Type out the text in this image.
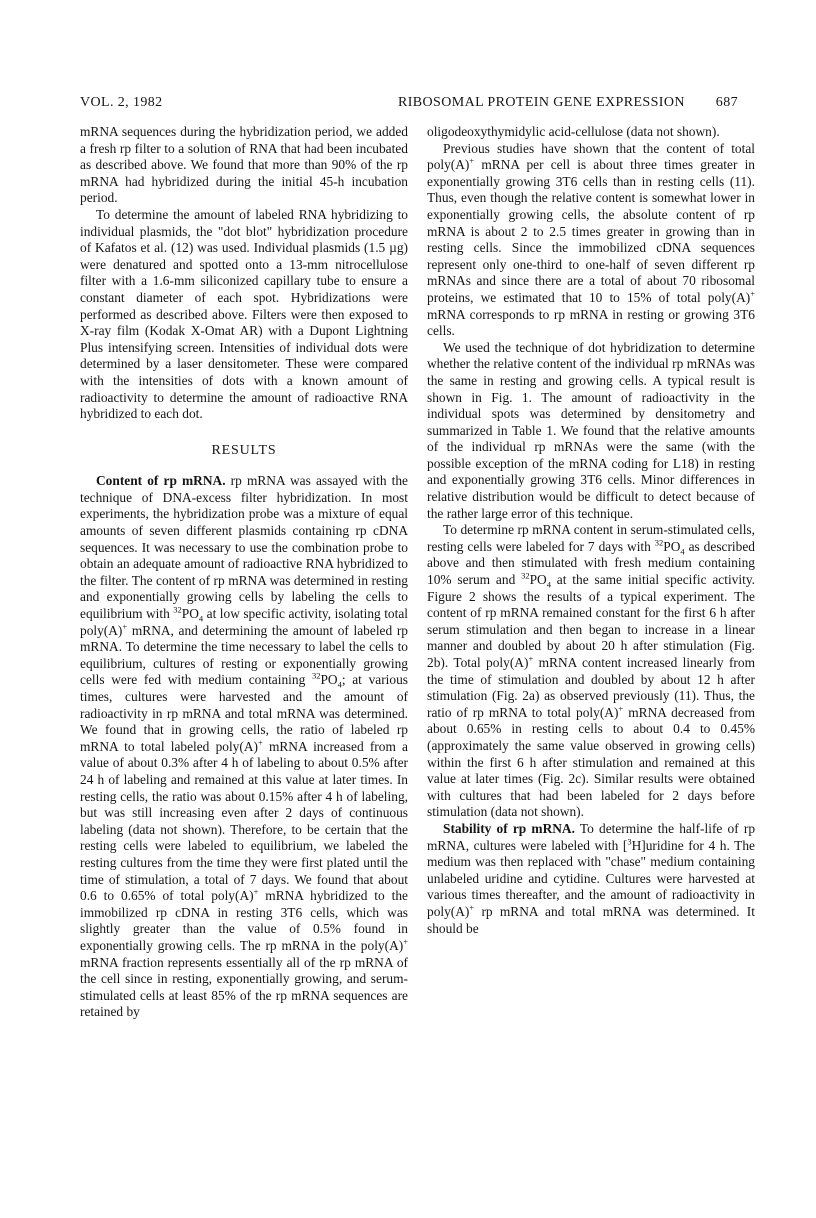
VOL. 2, 1982	RIBOSOMAL PROTEIN GENE EXPRESSION 687

mRNA sequences during the hybridization period, we added a fresh rp filter to a solution of RNA that had been incubated as described above. We found that more than 90% of the rp mRNA had hybridized during the initial 45-h incubation period.

To determine the amount of labeled RNA hybridizing to individual plasmids, the "dot blot" hybridization procedure of Kafatos et al. (12) was used. Individual plasmids (1.5 µg) were denatured and spotted onto a 13-mm nitrocellulose filter with a 1.6-mm siliconized capillary tube to ensure a constant diameter of each spot. Hybridizations were performed as described above. Filters were then exposed to X-ray film (Kodak X-Omat AR) with a Dupont Lightning Plus intensifying screen. Intensities of individual dots were determined by a laser densitometer. These were compared with the intensities of dots with a known amount of radioactivity to determine the amount of radioactive RNA hybridized to each dot.

RESULTS

Content of rp mRNA. rp mRNA was assayed with the technique of DNA-excess filter hybridization. In most experiments, the hybridization probe was a mixture of equal amounts of seven different plasmids containing rp cDNA sequences. It was necessary to use the combination probe to obtain an adequate amount of radioactive RNA hybridized to the filter. The content of rp mRNA was determined in resting and exponentially growing cells by labeling the cells to equilibrium with $^{32}PO_4$ at low specific activity, isolating total poly(A)+ mRNA, and determining the amount of labeled rp mRNA. To determine the time necessary to label the cells to equilibrium, cultures of resting or exponentially growing cells were fed with medium containing $^{32}PO_4$; at various times, cultures were harvested and the amount of radioactivity in rp mRNA and total mRNA was determined. We found that in growing cells, the ratio of labeled rp mRNA to total labeled poly(A)+ mRNA increased from a value of about 0.3% after 4 h of labeling to about 0.5% after 24 h of labeling and remained at this value at later times. In resting cells, the ratio was about 0.15% after 4 h of labeling, but was still increasing even after 2 days of continuous labeling (data not shown). Therefore, to be certain that the resting cells were labeled to equilibrium, we labeled the resting cultures from the time they were first plated until the time of stimulation, a total of 7 days. We found that about 0.6 to 0.65% of total poly(A)+ mRNA hybridized to the immobilized rp cDNA in resting 3T6 cells, which was slightly greater than the value of 0.5% found in exponentially growing cells. The rp mRNA in the poly(A)+ mRNA fraction represents essentially all of the rp mRNA of the cell since in resting, exponentially growing, and serum-stimulated cells at least 85% of the rp mRNA sequences are retained by

oligodeoxythymidylic acid-cellulose (data not shown).

Previous studies have shown that the content of total poly(A)+ mRNA per cell is about three times greater in exponentially growing 3T6 cells than in resting cells (11). Thus, even though the relative content is somewhat lower in exponentially growing cells, the absolute content of rp mRNA is about 2 to 2.5 times greater in growing than in resting cells. Since the immobilized cDNA sequences represent only one-third to one-half of seven different rp mRNAs and since there are a total of about 70 ribosomal proteins, we estimated that 10 to 15% of total poly(A)+ mRNA corresponds to rp mRNA in resting or growing 3T6 cells.

We used the technique of dot hybridization to determine whether the relative content of the individual rp mRNAs was the same in resting and growing cells. A typical result is shown in Fig. 1. The amount of radioactivity in the individual spots was determined by densitometry and summarized in Table 1. We found that the relative amounts of the individual rp mRNAs were the same (with the possible exception of the mRNA coding for L18) in resting and exponentially growing 3T6 cells. Minor differences in relative distribution would be difficult to detect because of the rather large error of this technique.

To determine rp mRNA content in serum-stimulated cells, resting cells were labeled for 7 days with $^{32}PO_4$ as described above and then stimulated with fresh medium containing 10% serum and $^{32}PO_4$ at the same initial specific activity. Figure 2 shows the results of a typical experiment. The content of rp mRNA remained constant for the first 6 h after serum stimulation and then began to increase in a linear manner and doubled by about 20 h after stimulation (Fig. 2b). Total poly(A)+ mRNA content increased linearly from the time of stimulation and doubled by about 12 h after stimulation (Fig. 2a) as observed previously (11). Thus, the ratio of rp mRNA to total poly(A)+ mRNA decreased from about 0.65% in resting cells to about 0.4 to 0.45% (approximately the same value observed in growing cells) within the first 6 h after stimulation and remained at this value at later times (Fig. 2c). Similar results were obtained with cultures that had been labeled for 2 days before stimulation (data not shown).

Stability of rp mRNA. To determine the half-life of rp mRNA, cultures were labeled with [$^3$H]uridine for 4 h. The medium was then replaced with "chase" medium containing unlabeled uridine and cytidine. Cultures were harvested at various times thereafter, and the amount of radioactivity in poly(A)+ rp mRNA and total mRNA was determined. It should be
